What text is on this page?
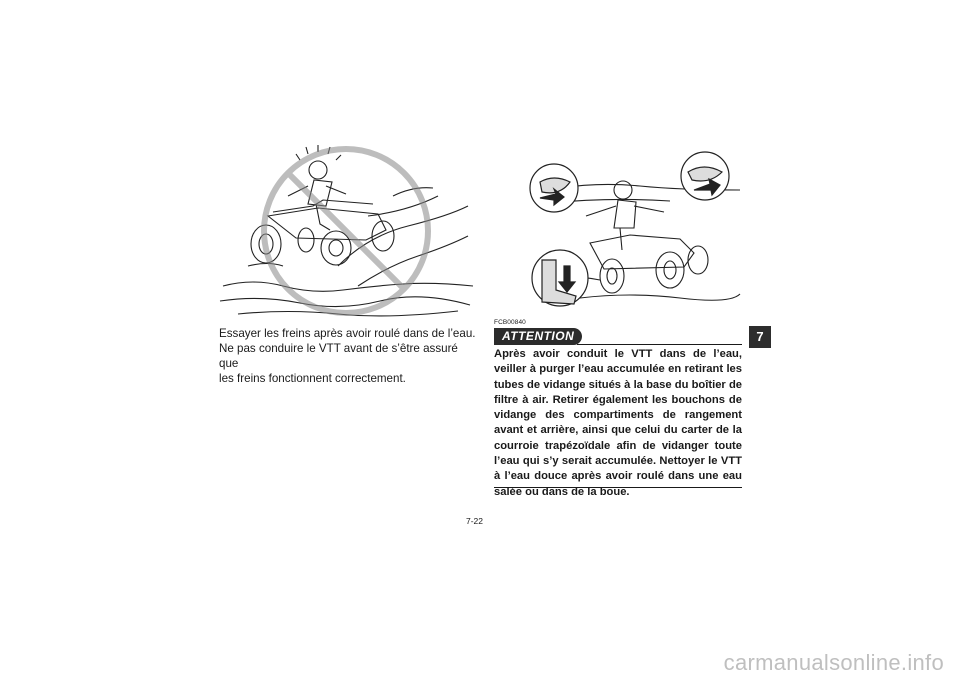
Essayer les freins après avoir roulé dans de l’eau.

Ne pas conduire le VTT avant de s’être assuré que

les freins fonctionnent correctement.

FCB00840
ATTENTION

Après avoir conduit le VTT dans de l’eau, veiller à purger l’eau accumulée en retirant les tubes de vidange situés à la base du boîtier de filtre à air. Retirer également les bouchons de vidange des compartiments de rangement avant et arrière, ainsi que celui du carter de la courroie trapézoïdale afin de vidanger toute l’eau qui s’y serait accumulée. Nettoyer le VTT à l’eau douce après avoir roulé dans une eau salée ou dans de la boue.

7
7-22
carmanualsonline.info
